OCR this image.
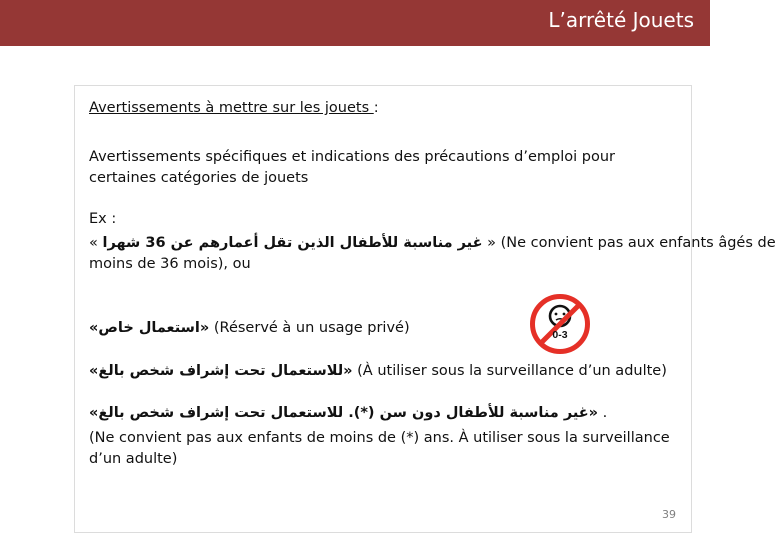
L’arrêté Jouets
Avertissements à mettre sur les jouets :
Avertissements spécifiques et indications des précautions d’emploi pour certaines catégories de jouets
Ex :
« غير مناسبة للأطفال الذين تقل أعمارهم عن 36 شهرا » (Ne convient pas aux enfants âgés de
moins de 36 mois), ou
«استعمال خاص» (Réservé à un usage privé)
«للاستعمال تحت إشراف شخص بالغ» (À utiliser sous la surveillance d’un adulte)
«غير مناسبة للأطفال دون سن (*). للاستعمال تحت إشراف شخص بالغ» .
(Ne convient pas aux enfants de moins de (*) ans. À utiliser sous la surveillance d’un adulte)
0-3
39
